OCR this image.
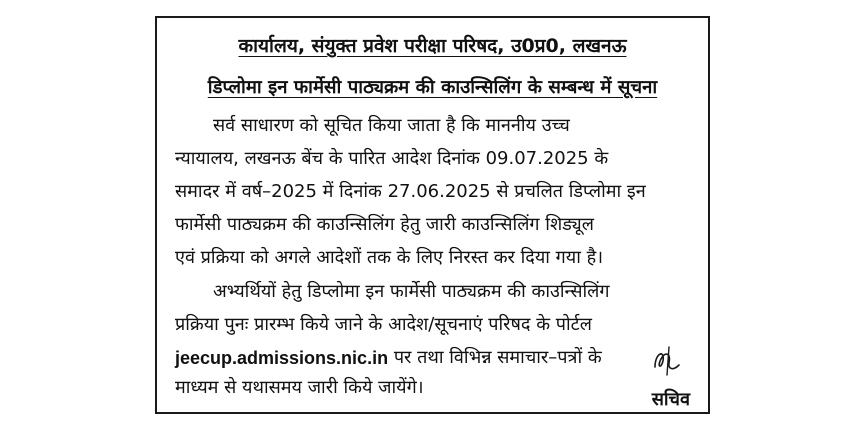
कार्यालय, संयुक्त प्रवेश परीक्षा परिषद, उ0प्र0, लखनऊ
डिप्लोमा इन फार्मेसी पाठ्यक्रम की काउन्सिलिंग के सम्बन्ध में सूचना
सर्व साधारण को सूचित किया जाता है कि माननीय उच्च
न्यायालय, लखनऊ बेंच के पारित आदेश दिनांक 09.07.2025 के
समादर में वर्ष–2025 में दिनांक 27.06.2025 से प्रचलित डिप्लोमा इन
फार्मेसी पाठ्यक्रम की काउन्सिलिंग हेतु जारी काउन्सिलिंग शिड्यूल
एवं प्रक्रिया को अगले आदेशों तक के लिए निरस्त कर दिया गया है।
अभ्यर्थियों हेतु डिप्लोमा इन फार्मेसी पाठ्यक्रम की काउन्सिलिंग
प्रक्रिया पुनः प्रारम्भ किये जाने के आदेश/सूचनाएं परिषद के पोर्टल
jeecup.admissions.nic.in
पर तथा विभिन्न समाचार–पत्रों के
माध्यम से यथासमय जारी किये जायेंगे।
सचिव
